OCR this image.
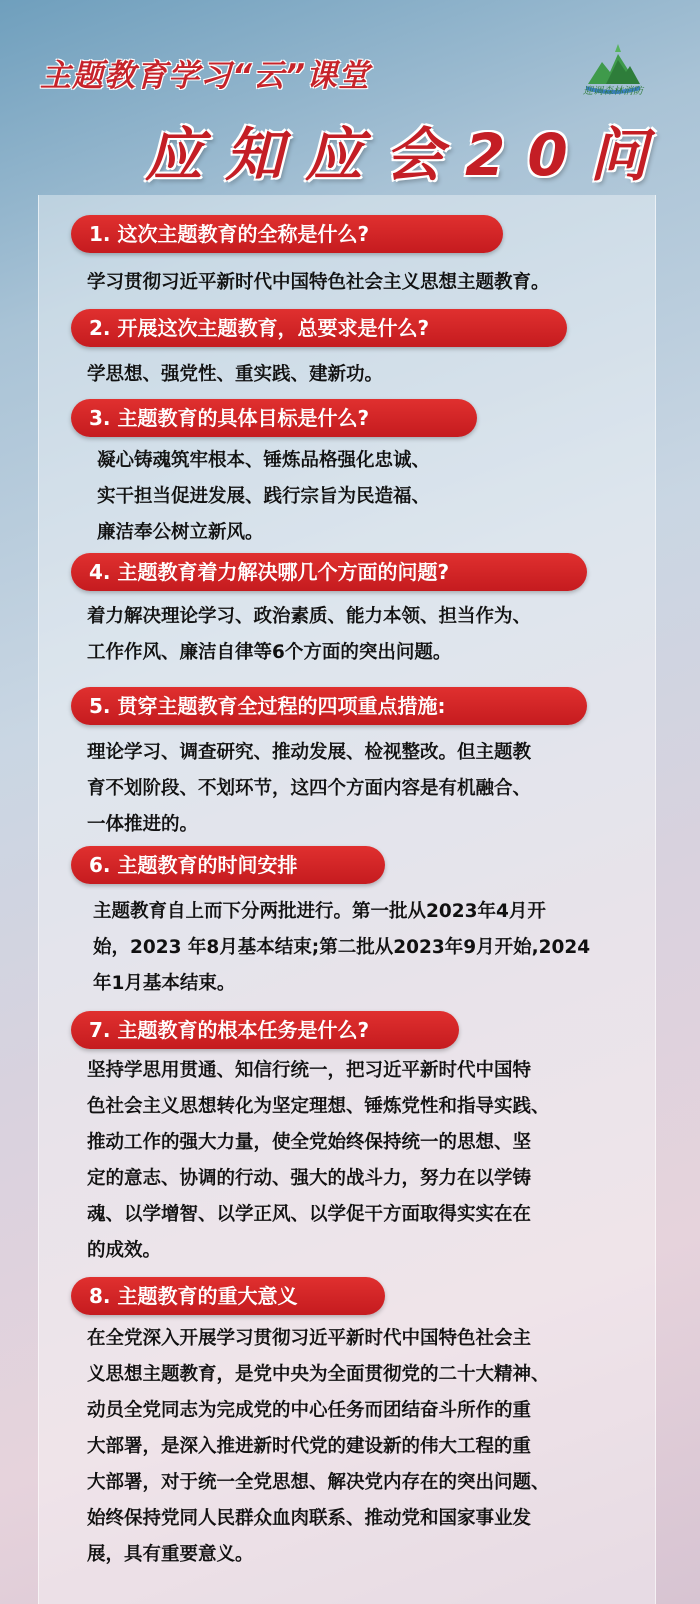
主题教育学习“云”课堂
应知应会20问
迎调森林消防
1. 这次主题教育的全称是什么?

学习贯彻习近平新时代中国特色社会主义思想主题教育。

2. 开展这次主题教育，总要求是什么?

学思想、强党性、重实践、建新功。

3. 主题教育的具体目标是什么?

凝心铸魂筑牢根本、锤炼品格强化忠诚、

实干担当促进发展、践行宗旨为民造福、

廉洁奉公树立新风。

4. 主题教育着力解决哪几个方面的问题?

着力解决理论学习、政治素质、能力本领、担当作为、

工作作风、廉洁自律等6个方面的突出问题。

5. 贯穿主题教育全过程的四项重点措施:

理论学习、调查研究、推动发展、检视整改。但主题教

育不划阶段、不划环节，这四个方面内容是有机融合、

一体推进的。

6. 主题教育的时间安排

主题教育自上而下分两批进行。第一批从2023年4月开

始，2023 年8月基本结束;第二批从2023年9月开始,2024

年1月基本结束。

7. 主题教育的根本任务是什么?

坚持学思用贯通、知信行统一，把习近平新时代中国特

色社会主义思想转化为坚定理想、锤炼党性和指导实践、

推动工作的强大力量，使全党始终保持统一的思想、坚

定的意志、协调的行动、强大的战斗力，努力在以学铸

魂、以学增智、以学正风、以学促干方面取得实实在在

的成效。

8. 主题教育的重大意义

在全党深入开展学习贯彻习近平新时代中国特色社会主

义思想主题教育，是党中央为全面贯彻党的二十大精神、

动员全党同志为完成党的中心任务而团结奋斗所作的重

大部署，是深入推进新时代党的建设新的伟大工程的重

大部署，对于统一全党思想、解决党内存在的突出问题、

始终保持党同人民群众血肉联系、推动党和国家事业发

展，具有重要意义。
